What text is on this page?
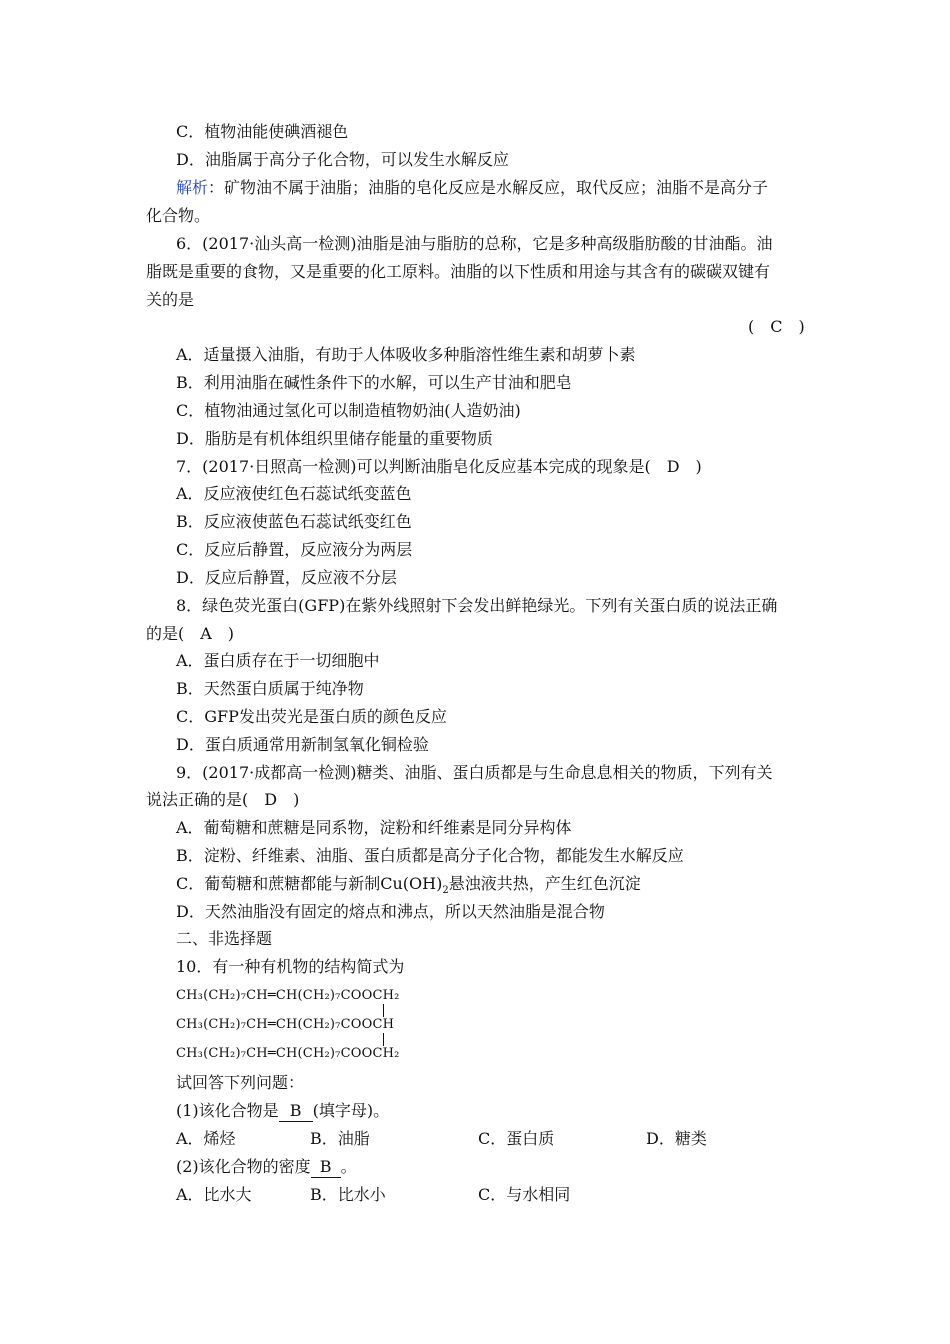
C．植物油能使碘酒褪色
D．油脂属于高分子化合物，可以发生水解反应
解析：矿物油不属于油脂；油脂的皂化反应是水解反应，取代反应；油脂不是高分子
化合物。
6．(2017·汕头高一检测)油脂是油与脂肪的总称，它是多种高级脂肪酸的甘油酯。油
脂既是重要的食物，又是重要的化工原料。油脂的以下性质和用途与其含有的碳碳双键有
关的是
(　C　)
A．适量摄入油脂，有助于人体吸收多种脂溶性维生素和胡萝卜素
B．利用油脂在碱性条件下的水解，可以生产甘油和肥皂
C．植物油通过氢化可以制造植物奶油(人造奶油)
D．脂肪是有机体组织里储存能量的重要物质
7．(2017·日照高一检测)可以判断油脂皂化反应基本完成的现象是(　D　)
A．反应液使红色石蕊试纸变蓝色
B．反应液使蓝色石蕊试纸变红色
C．反应后静置，反应液分为两层
D．反应后静置，反应液不分层
8．绿色荧光蛋白(GFP)在紫外线照射下会发出鲜艳绿光。下列有关蛋白质的说法正确
的是(　A　)
A．蛋白质存在于一切细胞中
B．天然蛋白质属于纯净物
C．GFP发出荧光是蛋白质的颜色反应
D．蛋白质通常用新制氢氧化铜检验
9．(2017·成都高一检测)糖类、油脂、蛋白质都是与生命息息相关的物质，下列有关
说法正确的是(　D　)
A．葡萄糖和蔗糖是同系物，淀粉和纤维素是同分异构体
B．淀粉、纤维素、油脂、蛋白质都是高分子化合物，都能发生水解反应
C．葡萄糖和蔗糖都能与新制$Cu(OH)_2$悬浊液共热，产生红色沉淀
D．天然油脂没有固定的熔点和沸点，所以天然油脂是混合物
二、非选择题
10．有一种有机物的结构简式为
CH₃(CH₂)₇CH═CH(CH₂)₇COOCH₂
CH₃(CH₂)₇CH═CH(CH₂)₇COOCH
CH₃(CH₂)₇CH═CH(CH₂)₇COOCH₂
试回答下列问题：
(1)该化合物是 B (填字母)。
A．烯烃	B．油脂	C．蛋白质	D．糖类
(2)该化合物的密度 B 。
A．比水大	B．比水小	C．与水相同
